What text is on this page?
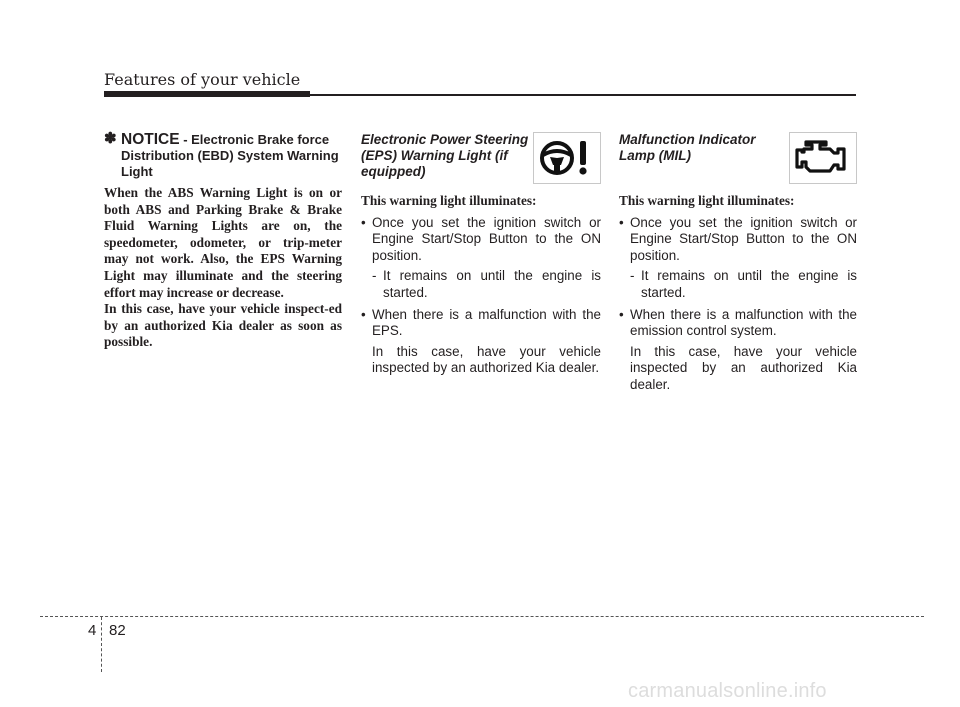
Features of your vehicle
✽ NOTICE - Electronic Brake force Distribution (EBD) System Warning Light

When the ABS Warning Light is on or both ABS and Parking Brake & Brake Fluid Warning Lights are on, the speedometer, odometer, or trip-meter may not work. Also, the EPS Warning Light may illuminate and the steering effort may increase or decrease.

In this case, have your vehicle inspect-ed by an authorized Kia dealer as soon as possible.

Electronic Power Steering (EPS) Warning Light (if equipped)
This warning light illuminates:
• Once you set the ignition switch or Engine Start/Stop Button to the ON position.
- It remains on until the engine is started.
• When there is a malfunction with the EPS.
In this case, have your vehicle inspected by an authorized Kia dealer.
Malfunction Indicator Lamp (MIL)
This warning light illuminates:
• Once you set the ignition switch or Engine Start/Stop Button to the ON position.
- It remains on until the engine is started.
• When there is a malfunction with the emission control system.
In this case, have your vehicle inspected by an authorized Kia dealer.
4 82
carmanualsonline.info
